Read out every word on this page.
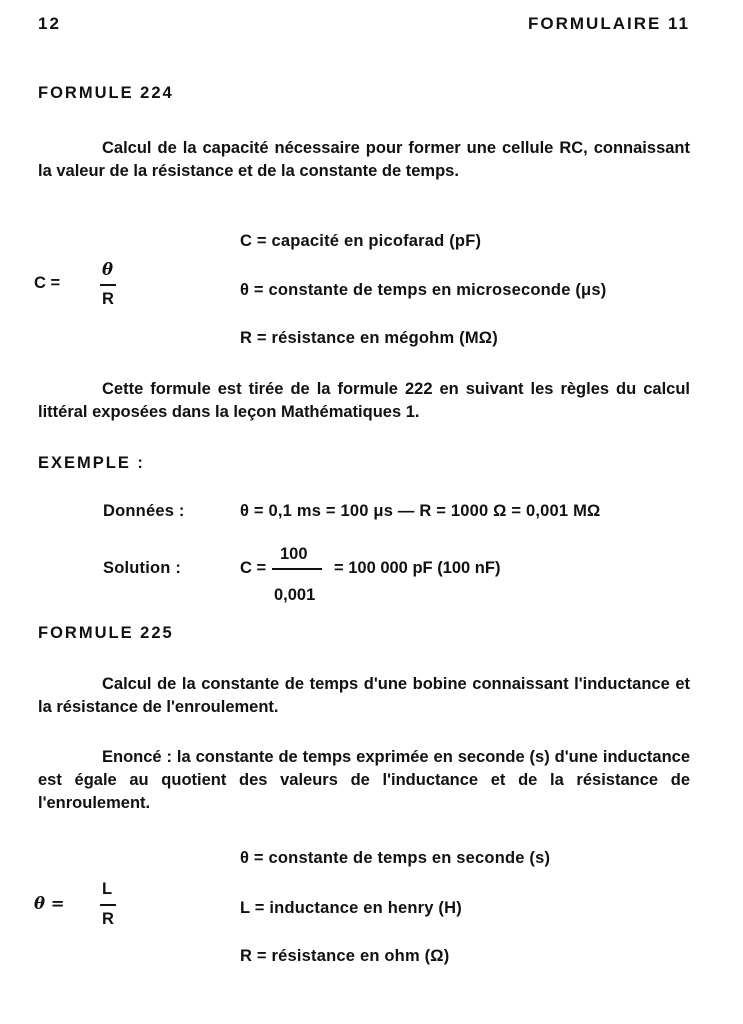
12	FORMULAIRE 11
FORMULE 224
Calcul de la capacité nécessaire pour former une cellule RC, connaissant la valeur de la résistance et de la constante de temps.
C =
θ
R
C = capacité en picofarad (pF)
θ = constante de temps en microseconde (μs)
R = résistance en mégohm (MΩ)
Cette formule est tirée de la formule 222 en suivant les règles du calcul littéral exposées dans la leçon Mathématiques 1.
EXEMPLE :
Données :	θ = 0,1 ms = 100 μs — R = 1000 Ω = 0,001 MΩ
Solution :	C =
100
0,001
= 100 000 pF (100 nF)
FORMULE 225
Calcul de la constante de temps d'une bobine connaissant l'inductance et la résistance de l'enroulement.
Enoncé : la constante de temps exprimée en seconde (s) d'une inductance est égale au quotient des valeurs de l'inductance et de la résistance de l'enroulement.
θ =
L
R
θ = constante de temps en seconde (s)
L = inductance en henry (H)
R = résistance en ohm (Ω)
